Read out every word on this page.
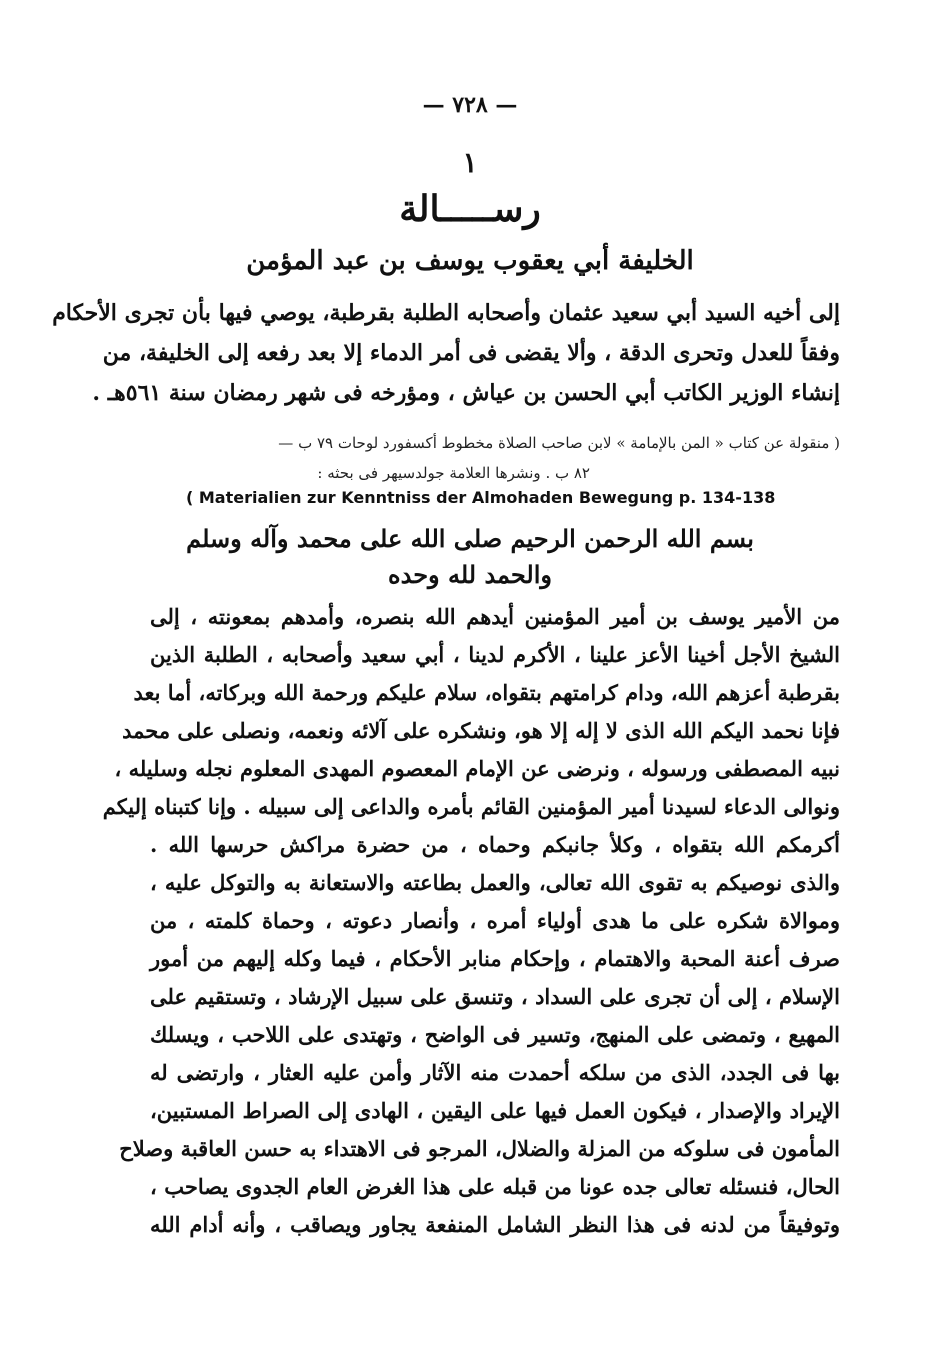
— ٧٢٨ —
١
رســـــالة
الخليفة أبي يعقوب يوسف بن عبد المؤمن
إلى أخيه السيد أبي سعيد عثمان وأصحابه الطلبة بقرطبة، يوصي فيها بأن تجرى الأحكام
وفقاً للعدل وتحرى الدقة ، وألا يقضى فى أمر الدماء إلا بعد رفعه إلى الخليفة، من
إنشاء الوزير الكاتب أبي الحسن بن عياش ، ومؤرخه فى شهر رمضان سنة ٥٦١هـ .
( منقولة عن كتاب « المن بالإمامة » لابن صاحب الصلاة مخطوط أكسفورد لوحات ٧٩ ب —
٨٢ ب . ونشرها العلامة جولدسيهر فى بحثه :
( Materialien zur Kenntniss der Almohaden Bewegung p. 134-138
بسم الله الرحمن الرحيم صلى الله على محمد وآله وسلم
والحمد لله وحده
من الأمير يوسف بن أمير المؤمنين أيدهم الله بنصره، وأمدهم بمعونته ، إلى
الشيخ الأجل أخينا الأعز علينا ، الأكرم لدينا ، أبي سعيد وأصحابه ، الطلبة الذين
بقرطبة أعزهم الله، ودام كرامتهم بتقواه، سلام عليكم ورحمة الله وبركاته، أما بعد
فإنا نحمد اليكم الله الذى لا إله إلا هو، ونشكره على آلائه ونعمه، ونصلى على محمد
نبيه المصطفى ورسوله ، ونرضى عن الإمام المعصوم المهدى المعلوم نجله وسليله ،
ونوالى الدعاء لسيدنا أمير المؤمنين القائم بأمره والداعى إلى سبيله . وإنا كتبناه إليكم
أكرمكم الله بتقواه ، وكلأ جانبكم وحماه ، من حضرة مراكش حرسها الله .
والذى نوصيكم به تقوى الله تعالى، والعمل بطاعته والاستعانة به والتوكل عليه ،
وموالاة شكره على ما هدى أولياء أمره ، وأنصار دعوته ، وحماة كلمته ، من
صرف أعنة المحبة والاهتمام ، وإحكام منابر الأحكام ، فيما وكله إليهم من أمور
الإسلام ، إلى أن تجرى على السداد ، وتنسق على سبيل الإرشاد ، وتستقيم على
المهيع ، وتمضى على المنهج، وتسير فى الواضح ، وتهتدى على اللاحب ، ويسلك
بها فى الجدد، الذى من سلكه أحمدت منه الآثار وأمن عليه العثار ، وارتضى له
الإيراد والإصدار ، فيكون العمل فيها على اليقين ، الهادى إلى الصراط المستبين،
المأمون فى سلوكه من المزلة والضلال، المرجو فى الاهتداء به حسن العاقبة وصلاح
الحال، فنسئله تعالى جده عونا من قبله على هذا الغرض العام الجدوى يصاحب ،
وتوفيقاً من لدنه فى هذا النظر الشامل المنفعة يجاور ويصاقب ، وأنه أدام الله
